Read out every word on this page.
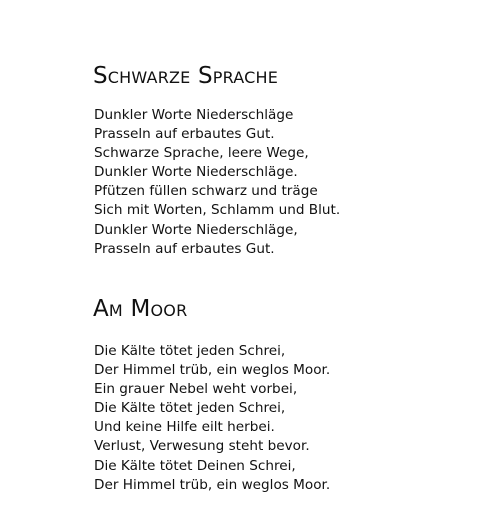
Schwarze Sprache
Dunkler Worte Niederschläge
Prasseln auf erbautes Gut.
Schwarze Sprache, leere Wege,
Dunkler Worte Niederschläge.
Pfützen füllen schwarz und träge
Sich mit Worten, Schlamm und Blut.
Dunkler Worte Niederschläge,
Prasseln auf erbautes Gut.
Am Moor
Die Kälte tötet jeden Schrei,
Der Himmel trüb, ein weglos Moor.
Ein grauer Nebel weht vorbei,
Die Kälte tötet jeden Schrei,
Und keine Hilfe eilt herbei.
Verlust, Verwesung steht bevor.
Die Kälte tötet Deinen Schrei,
Der Himmel trüb, ein weglos Moor.
